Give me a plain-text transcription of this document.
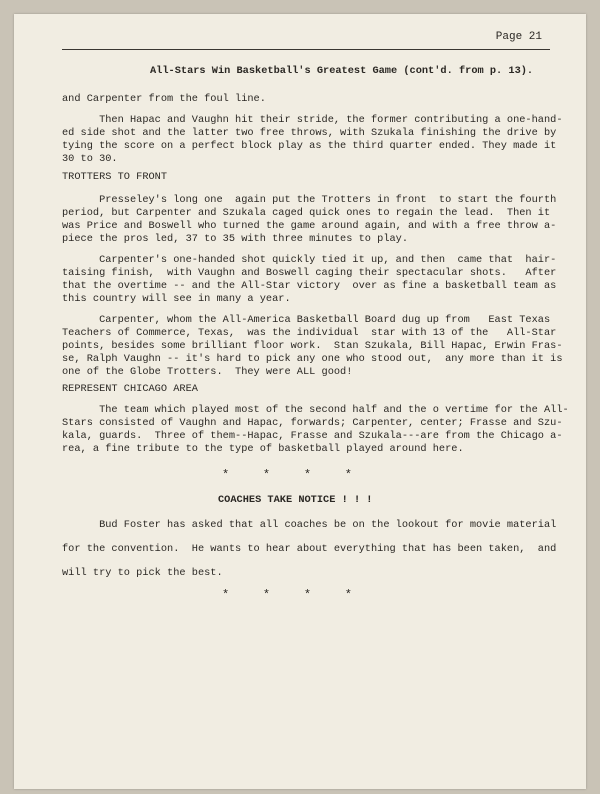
Page 21
All-Stars Win Basketball's Greatest Game (cont'd. from p. 13).
and Carpenter from the foul line.
Then Hapac and Vaughn hit their stride, the former contributing a one-hand-
ed side shot and the latter two free throws, with Szukala finishing the drive by
tying the score on a perfect block play as the third quarter ended. They made it
30 to 30.
TROTTERS TO FRONT
Presseley's long one  again put the Trotters in front  to start the fourth
period, but Carpenter and Szukala caged quick ones to regain the lead.  Then it
was Price and Boswell who turned the game around again, and with a free throw a-
piece the pros led, 37 to 35 with three minutes to play.
Carpenter's one-handed shot quickly tied it up, and then  came that  hair-
taising finish,  with Vaughn and Boswell caging their spectacular shots.   After
that the overtime -- and the All-Star victory  over as fine a basketball team as
this country will see in many a year.
Carpenter, whom the All-America Basketball Board dug up from   East Texas
Teachers of Commerce, Texas,  was the individual  star with 13 of the   All-Star
points, besides some brilliant floor work.  Stan Szukala, Bill Hapac, Erwin Fras-
se, Ralph Vaughn -- it's hard to pick any one who stood out,  any more than it is
one of the Globe Trotters.  They were ALL good!
REPRESENT CHICAGO AREA
The team which played most of the second half and the o vertime for the All-
Stars consisted of Vaughn and Hapac, forwards; Carpenter, center; Frasse and Szu-
kala, guards.  Three of them--Hapac, Frasse and Szukala---are from the Chicago a-
rea, a fine tribute to the type of basketball played around here.
*	*	*	*
COACHES TAKE NOTICE ! ! !
Bud Foster has asked that all coaches be on the lookout for movie material
for the convention.  He wants to hear about everything that has been taken,  and
will try to pick the best.
*	*	*	*
